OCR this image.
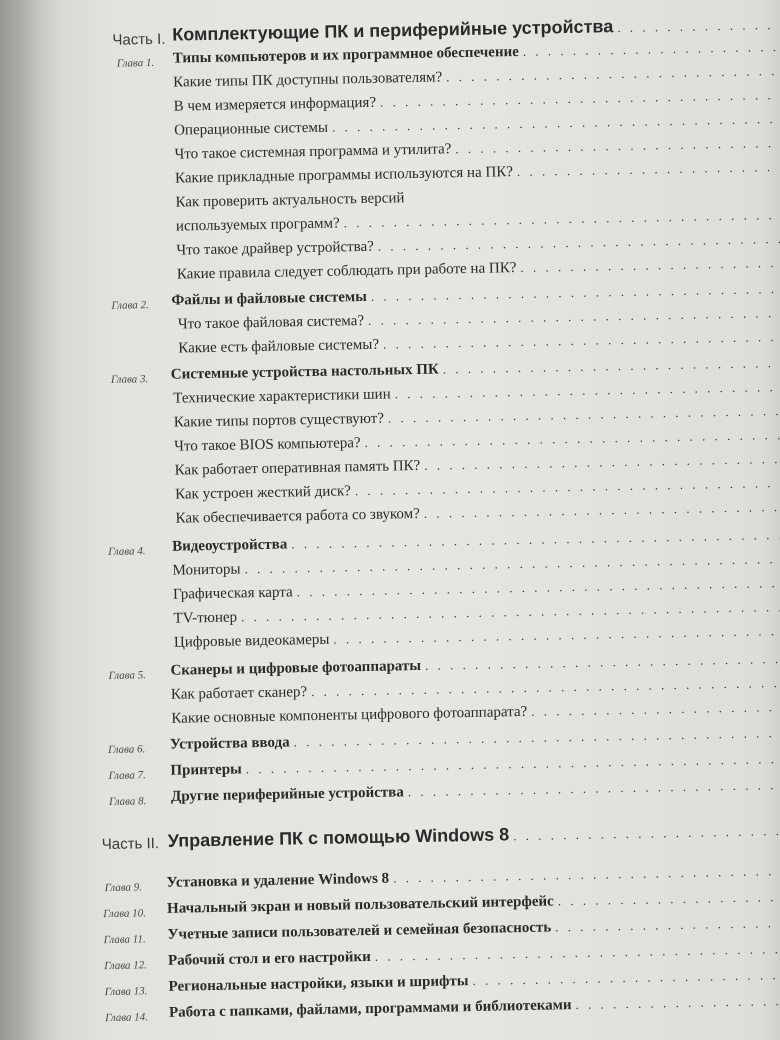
Часть I. Комплектующие ПК и периферийные устройства
. . .
Глава 1. Типы компьютеров и их программное обеспечение
. . .
Какие типы ПК доступны пользователям?
. . .
В чем измеряется информация?
. . .
Операционные системы
. . .
Что такое системная программа и утилита?
. . .
Какие прикладные программы используются на ПК?
. . .
Как проверить актуальность версий
используемых программ?
. . .
Что такое драйвер устройства?
. . .
Какие правила следует соблюдать при работе на ПК?
. . .
Глава 2. Файлы и файловые системы
. . .
Что такое файловая система?
. . .
Какие есть файловые системы?
. . .
Глава 3. Системные устройства настольных ПК
. . .
Технические характеристики шин
. . .
Какие типы портов существуют?
. . .
Что такое BIOS компьютера?
. . .
Как работает оперативная память ПК?
. . .
Как устроен жесткий диск?
. . .
Как обеспечивается работа со звуком?
. . .
Глава 4. Видеоустройства
. . .
Мониторы
. . .
Графическая карта
. . .
TV-тюнер
. . .
Цифровые видеокамеры
. . .
Глава 5. Сканеры и цифровые фотоаппараты
. . .
Как работает сканер?
. . .
Какие основные компоненты цифрового фотоаппарата?
. . .
Глава 6. Устройства ввода
. . .
Глава 7. Принтеры
. . .
Глава 8. Другие периферийные устройства
. . .
Часть II. Управление ПК с помощью Windows 8
. . .
Глава 9. Установка и удаление Windows 8
. . .
Глава 10. Начальный экран и новый пользовательский интерфейс
. . .
Глава 11. Учетные записи пользователей и семейная безопасность
. . .
Глава 12. Рабочий стол и его настройки
. . .
Глава 13. Региональные настройки, языки и шрифты
. . .
Глава 14. Работа с папками, файлами, программами и библиотеками
. . .
